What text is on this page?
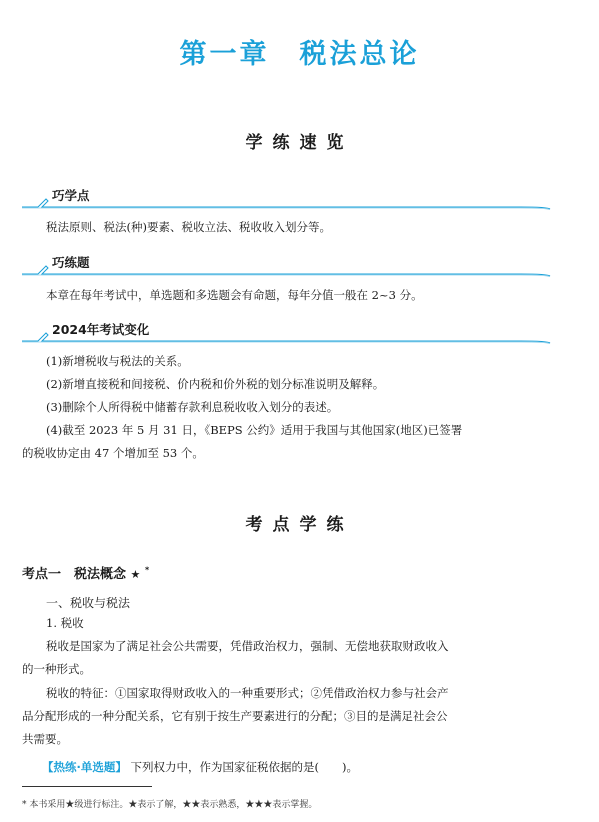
第一章　税法总论
学练速览
巧学点
税法原则、税法(种)要素、税收立法、税收收入划分等。
巧练题
本章在每年考试中，单选题和多选题会有命题，每年分值一般在 2~3 分。
2024年考试变化
(1)新增税收与税法的关系。
(2)新增直接税和间接税、价内税和价外税的划分标准说明及解释。
(3)删除个人所得税中储蓄存款利息税收收入划分的表述。
(4)截至 2023 年 5 月 31 日，《BEPS 公约》适用于我国与其他国家(地区)已签署
的税收协定由 47 个增加至 53 个。
考点学练
考点一　税法概念 ★ *
一、税收与税法
1. 税收
税收是国家为了满足社会公共需要，凭借政治权力，强制、无偿地获取财政收入
的一种形式。
税收的特征：①国家取得财政收入的一种重要形式；②凭借政治权力参与社会产
品分配形成的一种分配关系，它有别于按生产要素进行的分配；③目的是满足社会公
共需要。
【热练·单选题】 下列权力中，作为国家征税依据的是(　　)。
* 本书采用★级进行标注。★表示了解，★★表示熟悉，★★★表示掌握。
